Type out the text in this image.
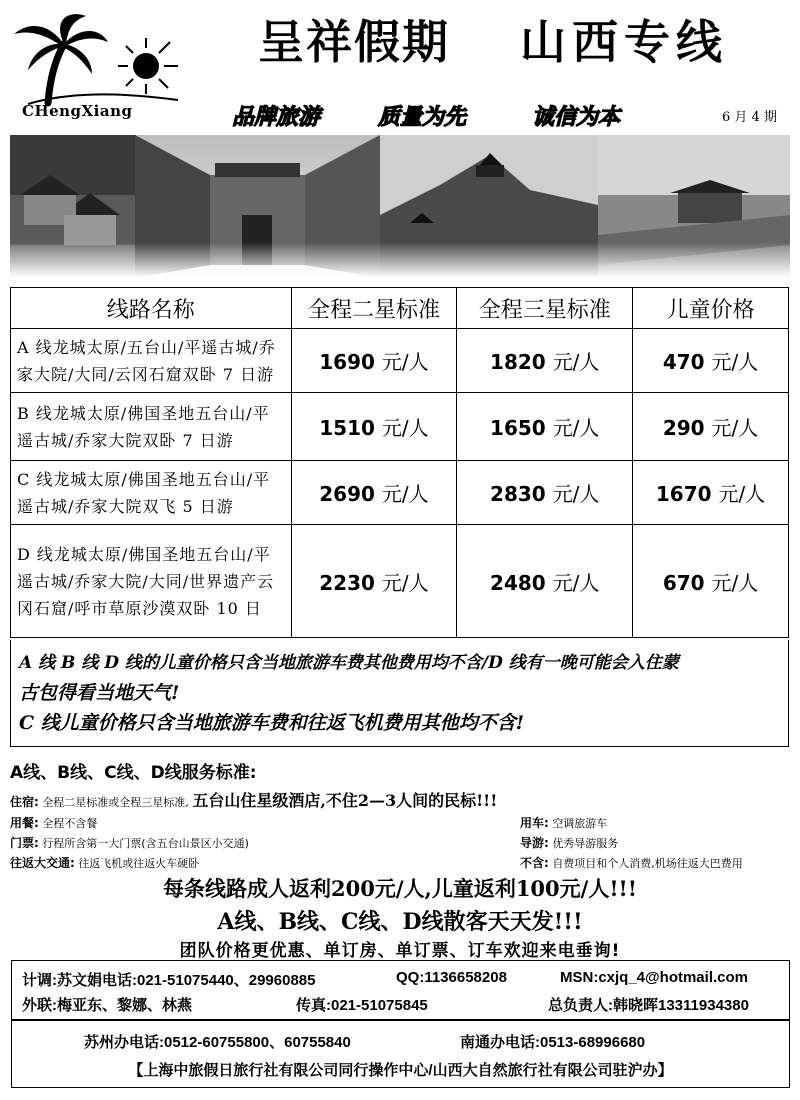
CHengXiang
呈祥假期 山西专线
品牌旅游	质量为先	诚信为本	6 月 4 期
线路名称	全程二星标准	全程三星标准	儿童价格
A 线龙城太原/五台山/平遥古城/乔家大院/大同/云冈石窟双卧 7 日游	1690 元/人	1820 元/人	470 元/人
B 线龙城太原/佛国圣地五台山/平遥古城/乔家大院双卧 7 日游	1510 元/人	1650 元/人	290 元/人
C 线龙城太原/佛国圣地五台山/平遥古城/乔家大院双飞 5 日游	2690 元/人	2830 元/人	1670 元/人
D 线龙城太原/佛国圣地五台山/平遥古城/乔家大院/大同/世界遗产云冈石窟/呼市草原沙漠双卧 10 日	2230 元/人	2480 元/人	670 元/人
A 线 B 线 D 线的儿童价格只含当地旅游车费其他费用均不含/D 线有一晚可能会入住蒙
古包得看当地天气!
C 线儿童价格只含当地旅游车费和往返飞机费用其他均不含!
A线、B线、C线、D线服务标准:
住宿: 全程二星标准或全程三星标准, 五台山住星级酒店,不住2—3人间的民标!!!
用餐: 全程不含餐
门票: 行程所含第一大门票(含五台山景区小交通)
往返大交通: 往返飞机或往返火车硬卧
用车: 空调旅游车
导游: 优秀导游服务
不含: 自费项目和个人消费,机场往返大巴费用
每条线路成人返利200元/人,儿童返利100元/人!!!
A线、B线、C线、D线散客天天发!!!
团队价格更优惠、单订房、单订票、订车欢迎来电垂询!
计调:苏文娟电话:021-51075440、29960885	QQ:1136658208	MSN:cxjq_4@hotmail.com
外联:梅亚东、黎娜、林燕	传真:021-51075845	总负责人:韩晓晖13311934380
苏州办电话:0512-60755800、60755840	南通办电话:0513-68996680
【上海中旅假日旅行社有限公司同行操作中心/山西大自然旅行社有限公司驻沪办】
